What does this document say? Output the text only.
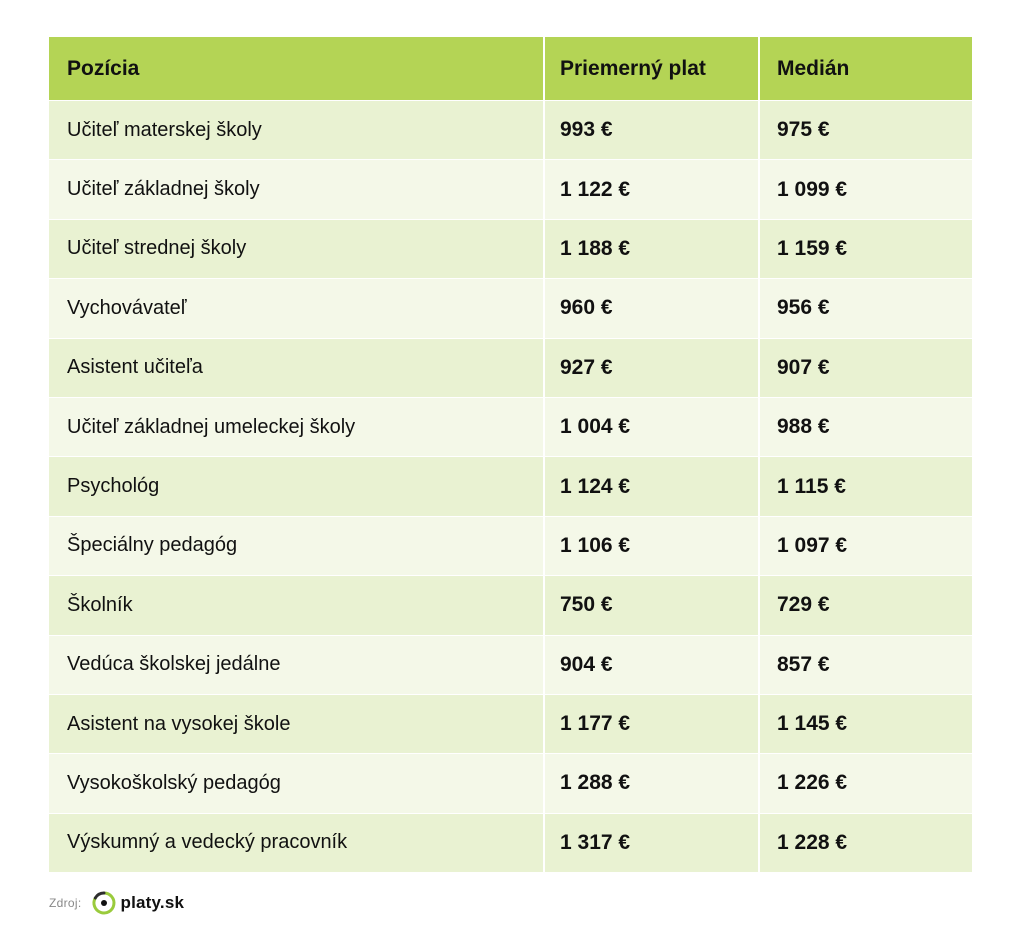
Pozícia	Priemerný plat	Medián
Učiteľ materskej školy	993 €	975 €
Učiteľ základnej školy	1 122 €	1 099 €
Učiteľ strednej školy	1 188 €	1 159 €
Vychovávateľ	960 €	956 €
Asistent učiteľa	927 €	907 €
Učiteľ základnej umeleckej školy	1 004 €	988 €
Psychológ	1 124 €	1 115 €
Špeciálny pedagóg	1 106 €	1 097 €
Školník	750 €	729 €
Vedúca školskej jedálne	904 €	857 €
Asistent na vysokej škole	1 177 €	1 145 €
Vysokoškolský pedagóg	1 288 €	1 226 €
Výskumný a vedecký pracovník	1 317 €	1 228 €
Zdroj: platy.sk
